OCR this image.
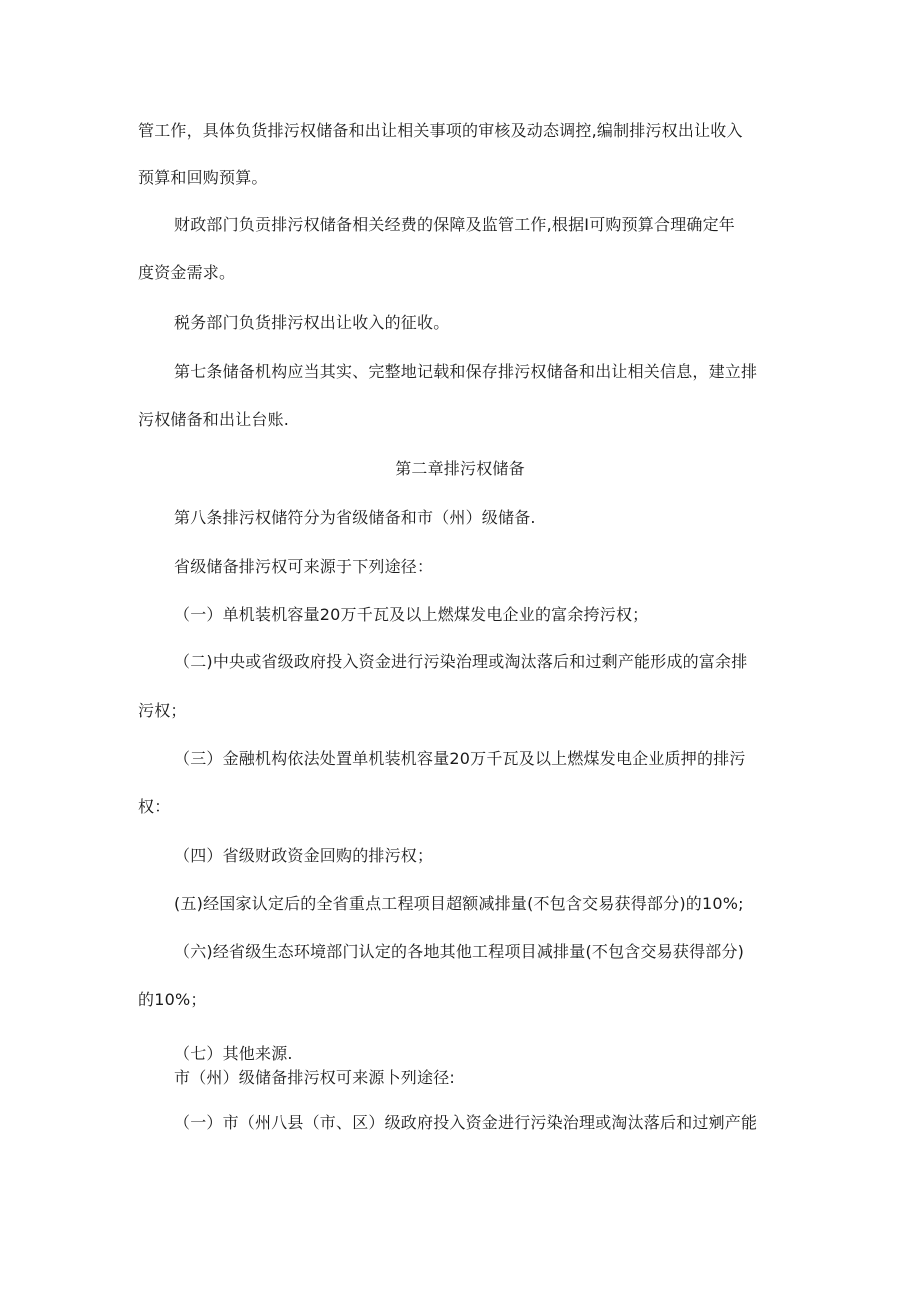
管工作，具体负货排污权储备和出让相关事项的审核及动态调控,编制排污权出让收入

预算和回购预算。

财政部门负贡排污权储备相关经费的保障及监管工作,根据I可购预算合理确定年

度资金需求。

税务部门负货排污权出让收入的征收。

第七条储备机构应当其实、完整地记载和保存排污权储备和出让相关信息，建立排

污权储备和出让台账.

第二章排污权储备

第八条排污权储符分为省级储备和市（州）级储备.

省级储备排污权可来源于下列途径：

（一）单机装机容量20万千瓦及以上燃煤发电企业的富余挎污权；

（二)中央或省级政府投入资金进行污染治理或淘汰落后和过剩产能形成的富余排

污权；

（三）金融机构依法处置单机装机容量20万千瓦及以上燃煤发电企业质押的排污

权：

（四）省级财政资金回购的排污权；

(五)经国家认定后的全省重点工程项目超额减排量(不包含交易获得部分)的10%;

（六)经省级生态环境部门认定的各地其他工程项目减排量(不包含交易获得部分)

的10%；

（七）其他来源.

市（州）级储备排污权可来源卜列途径:

（一）市（州八县（市、区）级政府投入资金进行污染治理或淘汰落后和过剜产能
